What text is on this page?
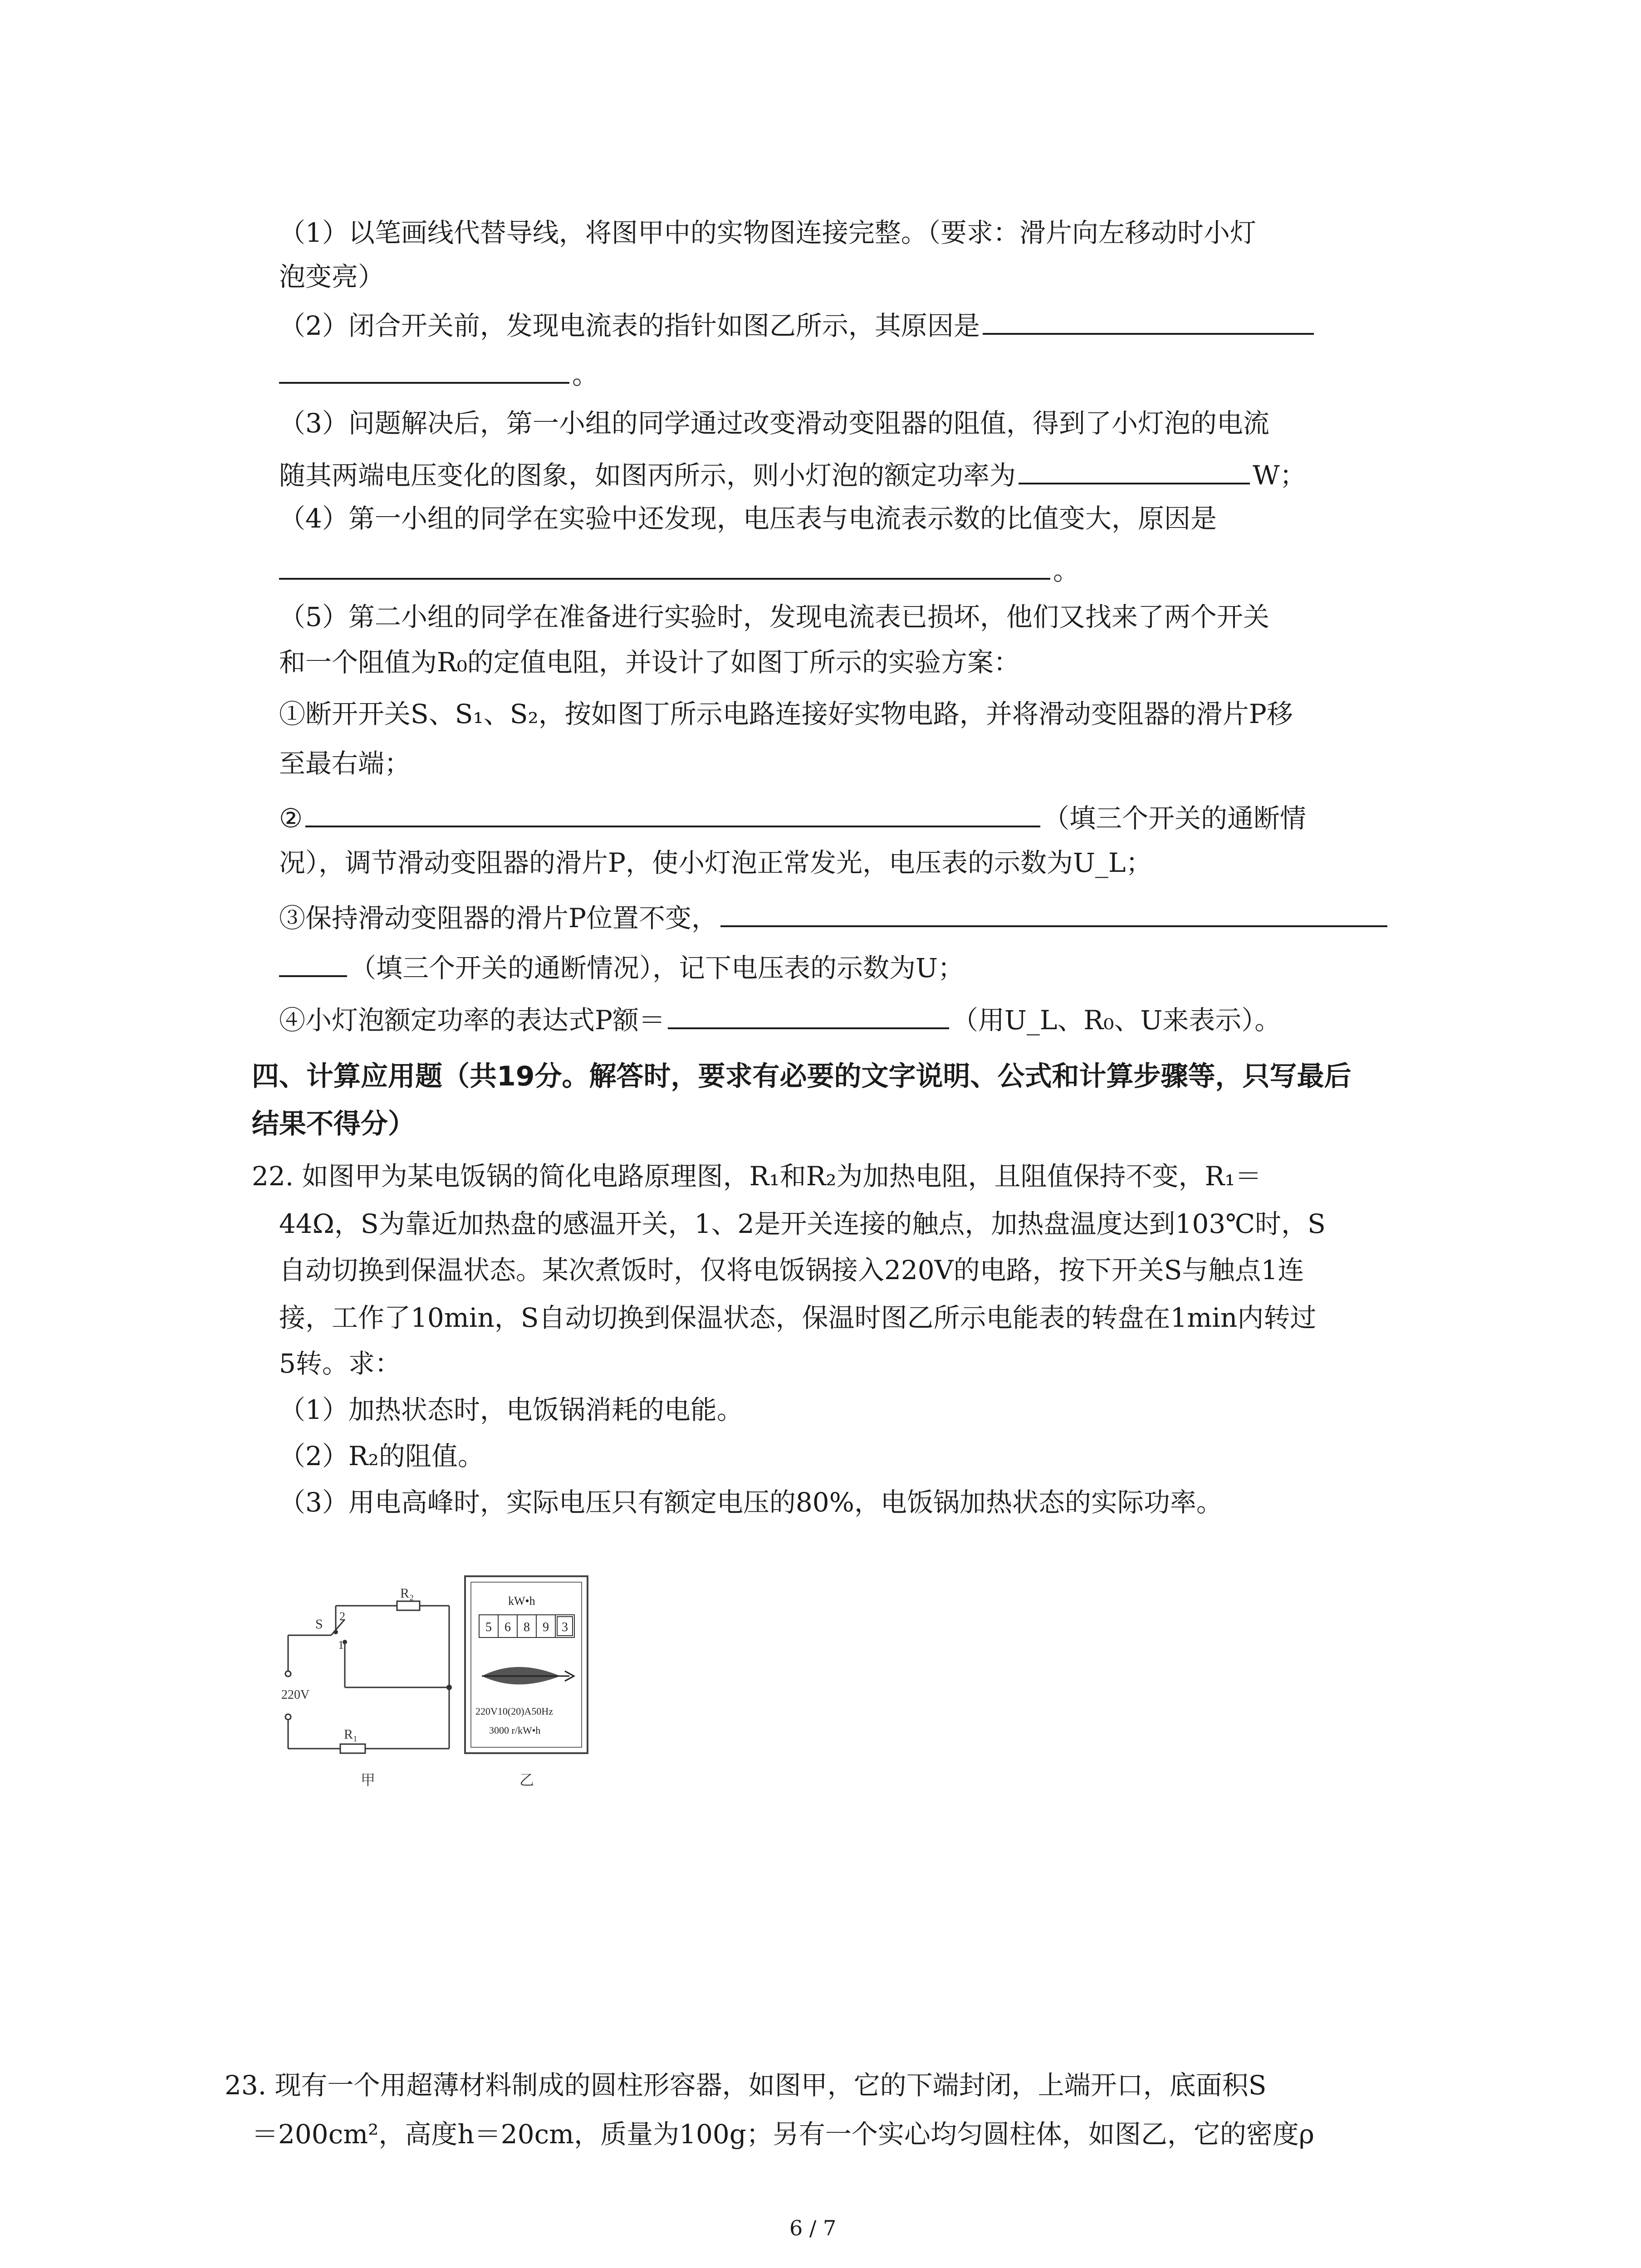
（1）以笔画线代替导线，将图甲中的实物图连接完整。（要求：滑片向左移动时小灯
泡变亮）
（2）闭合开关前，发现电流表的指针如图乙所示，其原因是
。
（3）问题解决后，第一小组的同学通过改变滑动变阻器的阻值，得到了小灯泡的电流
随其两端电压变化的图象，如图丙所示，则小灯泡的额定功率为	W；
（4）第一小组的同学在实验中还发现，电压表与电流表示数的比值变大，原因是
。
（5）第二小组的同学在准备进行实验时，发现电流表已损坏，他们又找来了两个开关
和一个阻值为R₀的定值电阻，并设计了如图丁所示的实验方案：
①断开开关S、S₁、S₂，按如图丁所示电路连接好实物电路，并将滑动变阻器的滑片P移
至最右端；
②	（填三个开关的通断情
况），调节滑动变阻器的滑片P，使小灯泡正常发光，电压表的示数为U_L；
③保持滑动变阻器的滑片P位置不变，
（填三个开关的通断情况），记下电压表的示数为U；
④小灯泡额定功率的表达式P额＝	（用U_L、R₀、U来表示）。
四、计算应用题（共19分。解答时，要求有必要的文字说明、公式和计算步骤等，只写最后
结果不得分）
22. 如图甲为某电饭锅的简化电路原理图，R₁和R₂为加热电阻，且阻值保持不变，R₁＝
44Ω，S为靠近加热盘的感温开关，1、2是开关连接的触点，加热盘温度达到103℃时，S
自动切换到保温状态。某次煮饭时，仅将电饭锅接入220V的电路，按下开关S与触点1连
接，工作了10min，S自动切换到保温状态，保温时图乙所示电能表的转盘在1min内转过
5转。求：
（1）加热状态时，电饭锅消耗的电能。
（2）R₂的阻值。
（3）用电高峰时，实际电压只有额定电压的80%，电饭锅加热状态的实际功率。
R₂
S
2
1
220V
R₁
甲
kW•h
5 6 8 9 3
220V10(20)A50Hz
3000 r/kW•h
乙
23. 现有一个用超薄材料制成的圆柱形容器，如图甲，它的下端封闭，上端开口，底面积S
＝200cm²，高度h＝20cm，质量为100g；另有一个实心均匀圆柱体，如图乙，它的密度ρ
6 / 7
